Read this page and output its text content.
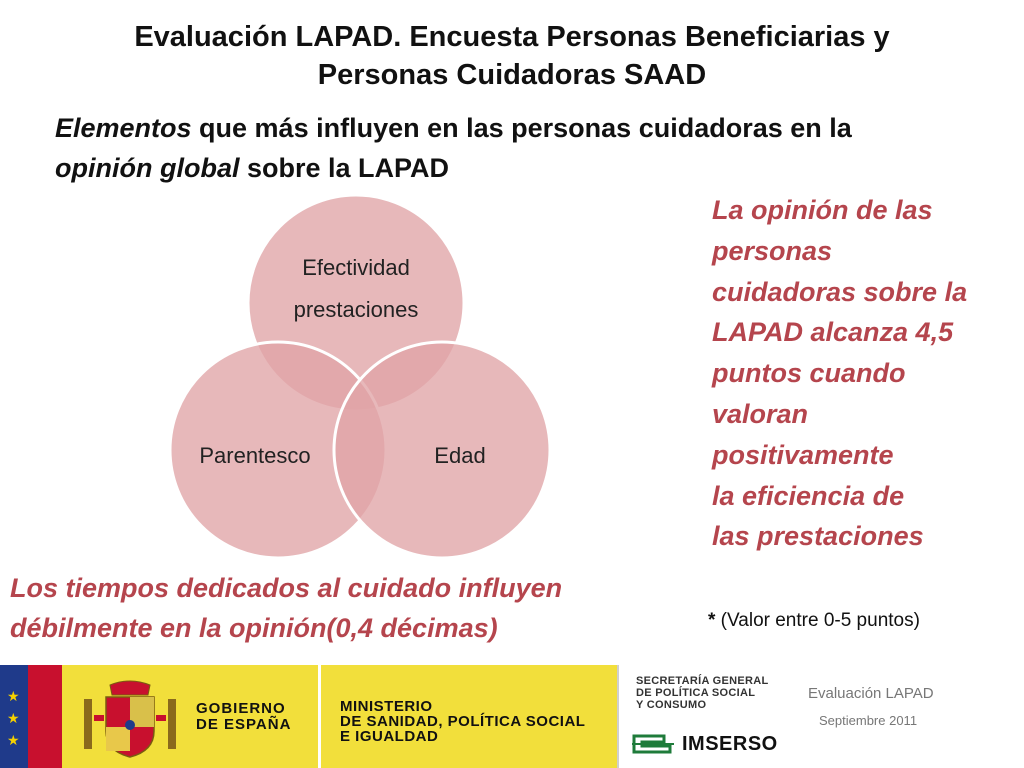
Evaluación LAPAD. Encuesta Personas Beneficiarias y
Personas Cuidadoras SAAD
Elementos que más influyen en las personas cuidadoras en la
opinión global sobre la LAPAD
Efectividad
prestaciones
Parentesco	Edad
La opinión de las
personas
cuidadoras sobre la
LAPAD alcanza 4,5
puntos cuando
valoran
positivamente
la eficiencia de
las prestaciones
Los tiempos dedicados al cuidado influyen
débilmente en la opinión(0,4 décimas)	* (Valor entre 0-5 puntos)
★
★
★
GOBIERNO
DE ESPAÑA
MINISTERIO
DE SANIDAD, POLÍTICA SOCIAL
E IGUALDAD
SECRETARÍA GENERAL
DE POLÍTICA SOCIAL
Y CONSUMO
IMSERSO
Evaluación LAPAD
Septiembre 2011
